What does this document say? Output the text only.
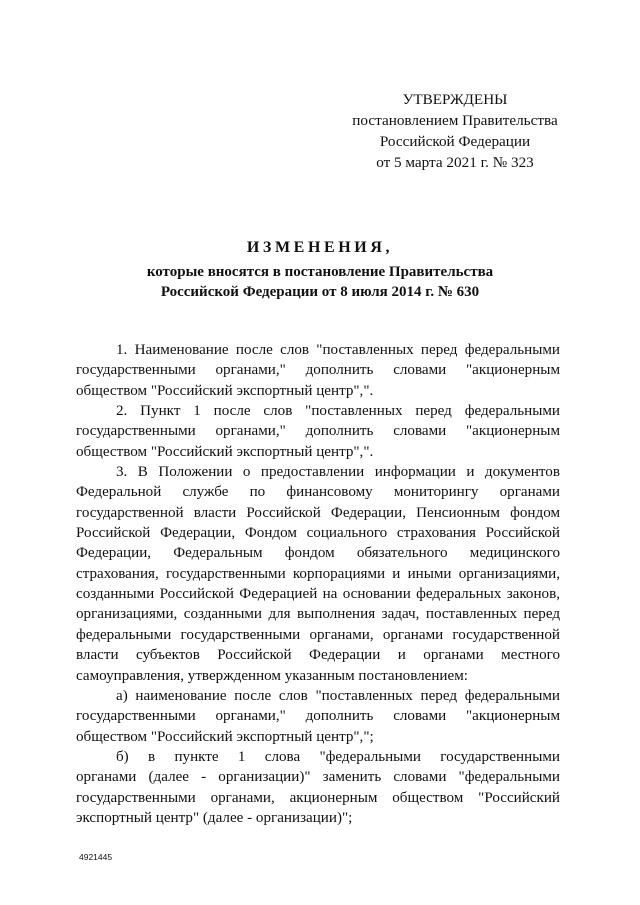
УТВЕРЖДЕНЫ
постановлением Правительства
Российской Федерации
от 5 марта 2021 г. № 323
ИЗМЕНЕНИЯ,
которые вносятся в постановление Правительства
Российской Федерации от 8 июля 2014 г. № 630
1. Наименование после слов "поставленных перед федеральными
государственными органами," дополнить словами "акционерным
обществом "Российский экспортный центр",".
2. Пункт 1 после слов "поставленных перед федеральными
государственными органами," дополнить словами "акционерным
обществом "Российский экспортный центр",".
3. В Положении о предоставлении информации и документов
Федеральной службе по финансовому мониторингу органами
государственной власти Российской Федерации, Пенсионным фондом
Российской Федерации, Фондом социального страхования Российской
Федерации, Федеральным фондом обязательного медицинского
страхования, государственными корпорациями и иными организациями,
созданными Российской Федерацией на основании федеральных законов,
организациями, созданными для выполнения задач, поставленных перед
федеральными государственными органами, органами государственной
власти субъектов Российской Федерации и органами местного
самоуправления, утвержденном указанным постановлением:
а) наименование после слов "поставленных перед федеральными
государственными органами," дополнить словами "акционерным
обществом "Российский экспортный центр",";
б) в пункте 1 слова "федеральными государственными
органами (далее - организации)" заменить словами "федеральными
государственными органами, акционерным обществом "Российский
экспортный центр" (далее - организации)";
4921445
